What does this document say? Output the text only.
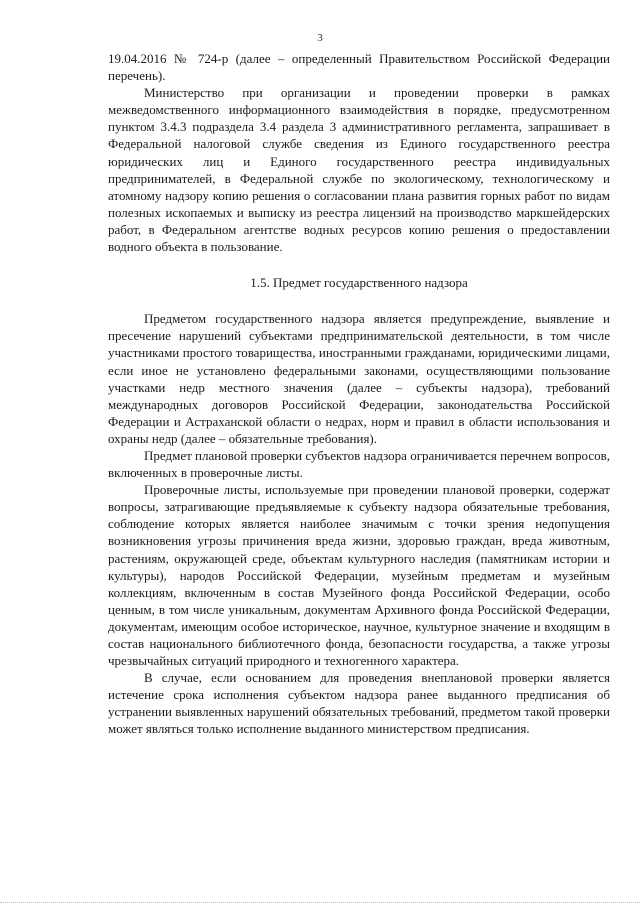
3

19.04.2016 № 724-р (далее – определенный Правительством Российской Федерации перечень).

Министерство при организации и проведении проверки в рамках межведомственного информационного взаимодействия в порядке, предусмотренном пунктом 3.4.3 подраздела 3.4 раздела 3 административного регламента, запрашивает в Федеральной налоговой службе сведения из Единого государственного реестра юридических лиц и Единого государственного реестра индивидуальных предпринимателей, в Федеральной службе по экологическому, технологическому и атомному надзору копию решения о согласовании плана развития горных работ по видам полезных ископаемых и выписку из реестра лицензий на производство маркшейдерских работ, в Федеральном агентстве водных ресурсов копию решения о предоставлении водного объекта в пользование.

1.5. Предмет государственного надзора

Предметом государственного надзора является предупреждение, выявление и пресечение нарушений субъектами предпринимательской деятельности, в том числе участниками простого товарищества, иностранными гражданами, юридическими лицами, если иное не установлено федеральными законами, осуществляющими пользование участками недр местного значения (далее – субъекты надзора), требований международных договоров Российской Федерации, законодательства Российской Федерации и Астраханской области о недрах, норм и правил в области использования и охраны недр (далее – обязательные требования).

Предмет плановой проверки субъектов надзора ограничивается перечнем вопросов, включенных в проверочные листы.

Проверочные листы, используемые при проведении плановой проверки, содержат вопросы, затрагивающие предъявляемые к субъекту надзора обязательные требования, соблюдение которых является наиболее значимым с точки зрения недопущения возникновения угрозы причинения вреда жизни, здоровью граждан, вреда животным, растениям, окружающей среде, объектам культурного наследия (памятникам истории и культуры), народов Российской Федерации, музейным предметам и музейным коллекциям, включенным в состав Музейного фонда Российской Федерации, особо ценным, в том числе уникальным, документам Архивного фонда Российской Федерации, документам, имеющим особое историческое, научное, культурное значение и входящим в состав национального библиотечного фонда, безопасности государства, а также угрозы чрезвычайных ситуаций природного и техногенного характера.

В случае, если основанием для проведения внеплановой проверки является истечение срока исполнения субъектом надзора ранее выданного предписания об устранении выявленных нарушений обязательных требований, предметом такой проверки может являться только исполнение выданного министерством предписания.
